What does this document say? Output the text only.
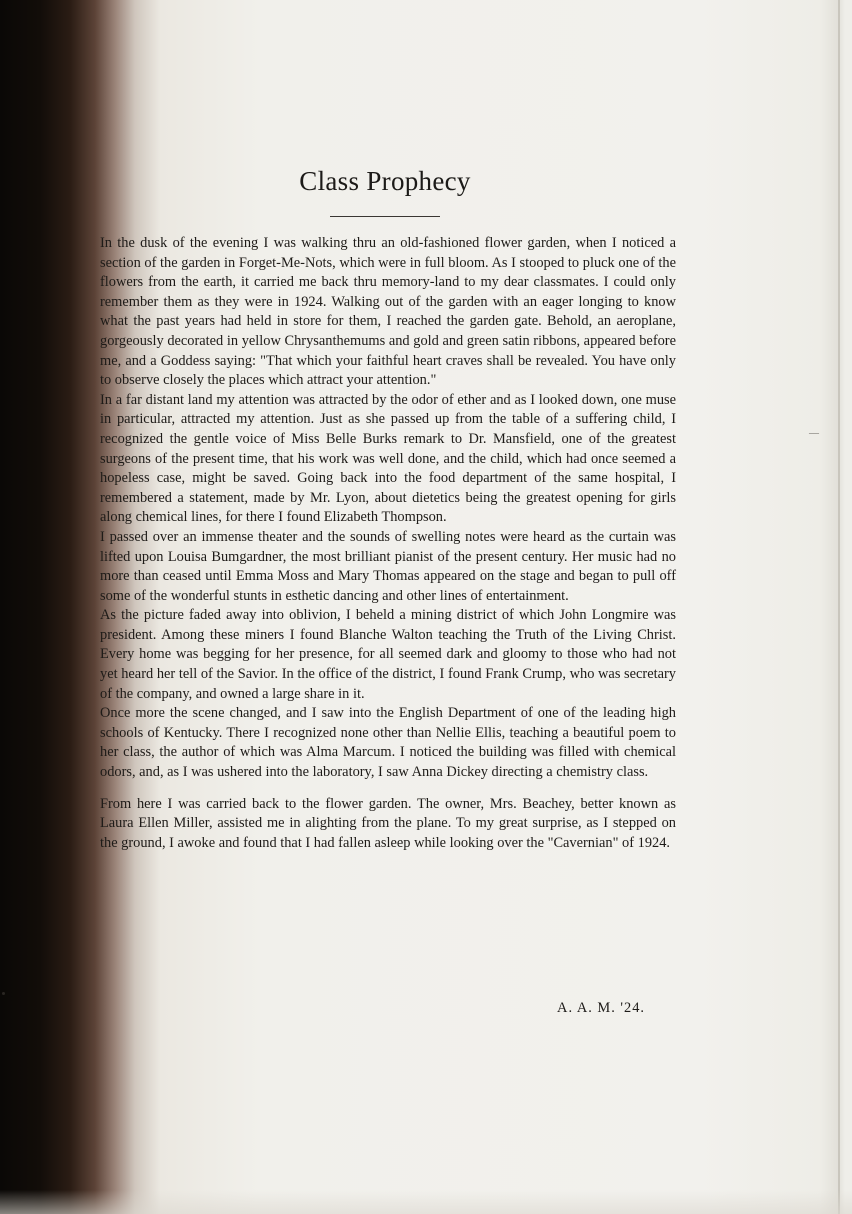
Class Prophecy

In the dusk of the evening I was walking thru an old-fashioned flower garden, when I noticed a section of the garden in Forget-Me-Nots, which were in full bloom. As I stooped to pluck one of the flowers from the earth, it carried me back thru memory-land to my dear classmates. I could only remember them as they were in 1924. Walking out of the garden with an eager longing to know what the past years had held in store for them, I reached the garden gate. Behold, an aeroplane, gorgeously decorated in yellow Chrysanthemums and gold and green satin ribbons, appeared before me, and a Goddess saying: "That which your faithful heart craves shall be revealed. You have only to observe closely the places which attract your attention."

In a far distant land my attention was attracted by the odor of ether and as I looked down, one muse in particular, attracted my attention. Just as she passed up from the table of a suffering child, I recognized the gentle voice of Miss Belle Burks remark to Dr. Mansfield, one of the greatest surgeons of the present time, that his work was well done, and the child, which had once seemed a hopeless case, might be saved. Going back into the food department of the same hospital, I remembered a statement, made by Mr. Lyon, about dietetics being the greatest opening for girls along chemical lines, for there I found Elizabeth Thompson.

I passed over an immense theater and the sounds of swelling notes were heard as the curtain was lifted upon Louisa Bumgardner, the most brilliant pianist of the present century. Her music had no more than ceased until Emma Moss and Mary Thomas appeared on the stage and began to pull off some of the wonderful stunts in esthetic dancing and other lines of entertainment.

As the picture faded away into oblivion, I beheld a mining district of which John Longmire was president. Among these miners I found Blanche Walton teaching the Truth of the Living Christ. Every home was begging for her presence, for all seemed dark and gloomy to those who had not yet heard her tell of the Savior. In the office of the district, I found Frank Crump, who was secretary of the company, and owned a large share in it.

Once more the scene changed, and I saw into the English Department of one of the leading high schools of Kentucky. There I recognized none other than Nellie Ellis, teaching a beautiful poem to her class, the author of which was Alma Marcum. I noticed the building was filled with chemical odors, and, as I was ushered into the laboratory, I saw Anna Dickey directing a chemistry class.

From here I was carried back to the flower garden. The owner, Mrs. Beachey, better known as Laura Ellen Miller, assisted me in alighting from the plane. To my great surprise, as I stepped on the ground, I awoke and found that I had fallen asleep while looking over the "Cavernian" of 1924.

A. A. M. '24.
—
